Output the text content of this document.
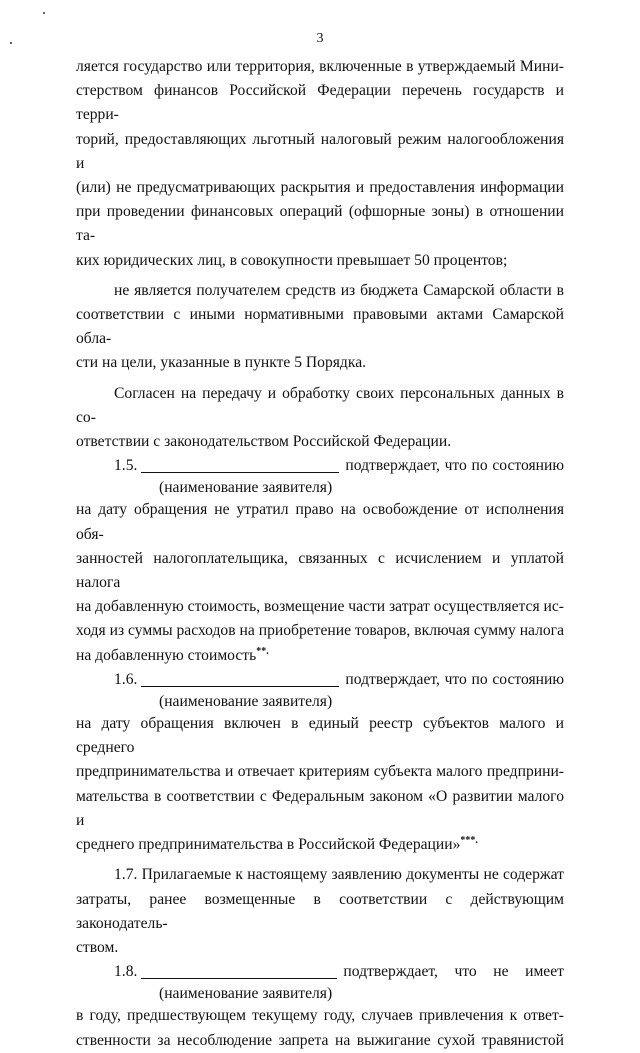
3

ляется государство или территория, включенные в утверждаемый Мини-

стерством финансов Российской Федерации перечень государств и терри-

торий, предоставляющих льготный налоговый режим налогообложения и

(или) не предусматривающих раскрытия и предоставления информации

при проведении финансовых операций (офшорные зоны) в отношении та-

ких юридических лиц, в совокупности превышает 50 процентов;

не является получателем средств из бюджета Самарской области в

соответствии с иными нормативными правовыми актами Самарской обла-

сти на цели, указанные в пункте 5 Порядка.

Согласен на передачу и обработку своих персональных данных в со-

ответствии с законодательством Российской Федерации.

1.5.	подтверждает, что по состоянию

(наименование заявителя)

на дату обращения не утратил право на освобождение от исполнения обя-

занностей налогоплательщика, связанных с исчислением и уплатой налога

на добавленную стоимость, возмещение части затрат осуществляется ис-

ходя из суммы расходов на приобретение товаров, включая сумму налога

на добавленную стоимость**.

1.6.	подтверждает, что по состоянию

(наименование заявителя)

на дату обращения включен в единый реестр субъектов малого и среднего

предпринимательства и отвечает критериям субъекта малого предприни-

мательства в соответствии с Федеральным законом «О развитии малого и

среднего предпринимательства в Российской Федерации»***.

1.7. Прилагаемые к настоящему заявлению документы не содержат

затраты, ранее возмещенные в соответствии с действующим законодатель-

ством.

1.8.	подтверждает, что не имеет

(наименование заявителя)

в году, предшествующем текущему году, случаев привлечения к ответ-

ственности за несоблюдение запрета на выжигание сухой травянистой
